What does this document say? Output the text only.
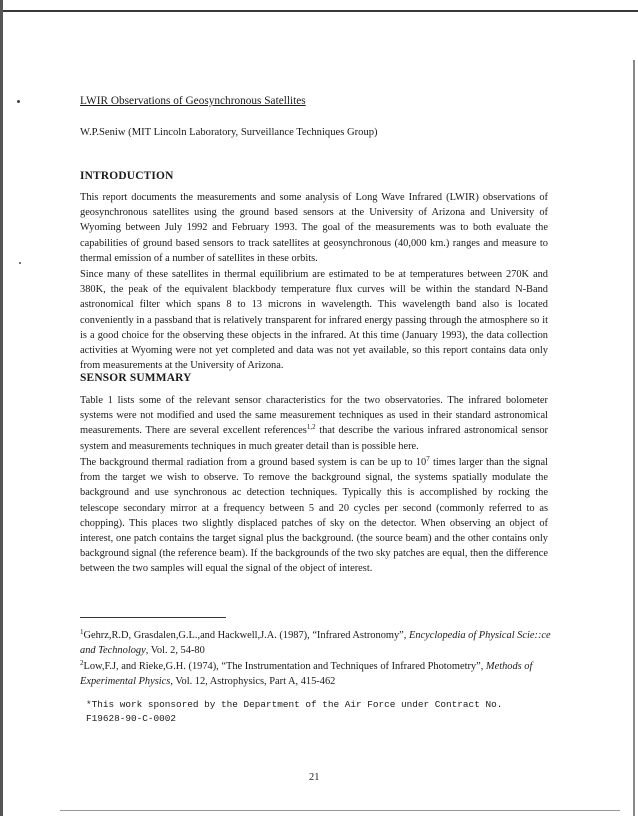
LWIR Observations of Geosynchronous Satellites
W.P.Seniw (MIT Lincoln Laboratory, Surveillance Techniques Group)
INTRODUCTION

This report documents the measurements and some analysis of Long Wave Infrared (LWIR) observations of geosynchronous satellites using the ground based sensors at the University of Arizona and University of Wyoming between July 1992 and February 1993. The goal of the measurements was to both evaluate the capabilities of ground based sensors to track satellites at geosynchronous (40,000 km.) ranges and measure to thermal emission of a number of satellites in these orbits.

Since many of these satellites in thermal equilibrium are estimated to be at temperatures between 270K and 380K, the peak of the equivalent blackbody temperature flux curves will be within the standard N-Band astronomical filter which spans 8 to 13 microns in wavelength. This wavelength band also is located conveniently in a passband that is relatively transparent for infrared energy passing through the atmosphere so it is a good choice for the observing these objects in the infrared. At this time (January 1993), the data collection activities at Wyoming were not yet completed and data was not yet available, so this report contains data only from measurements at the University of Arizona.

SENSOR SUMMARY

Table 1 lists some of the relevant sensor characteristics for the two observatories. The infrared bolometer systems were not modified and used the same measurement techniques as used in their standard astronomical measurements. There are several excellent references$^{1,2}$ that describe the various infrared astronomical sensor system and measurements techniques in much greater detail than is possible here.

The background thermal radiation from a ground based system is can be up to $10^7$ times larger than the signal from the target we wish to observe. To remove the background signal, the systems spatially modulate the background and use synchronous ac detection techniques. Typically this is accomplished by rocking the telescope secondary mirror at a frequency between 5 and 20 cycles per second (commonly referred to as chopping). This places two slightly displaced patches of sky on the detector. When observing an object of interest, one patch contains the target signal plus the background. (the source beam) and the other contains only background signal (the reference beam). If the backgrounds of the two sky patches are equal, then the difference between the two samples will equal the signal of the object of interest.

$^1$Gehrz,R.D, Grasdalen,G.L.,and Hackwell,J.A. (1987), “Infrared Astronomy”, Encyclopedia of Physical Scie::ce and Technology, Vol. 2, 54-80

$^2$Low,F.J, and Rieke,G.H. (1974), “The Instrumentation and Techniques of Infrared Photometry”, Methods of Experimental Physics, Vol. 12, Astrophysics, Part A, 415-462

*This work sponsored by the Department of the Air Force under Contract No.
F19628-90-C-0002

21
